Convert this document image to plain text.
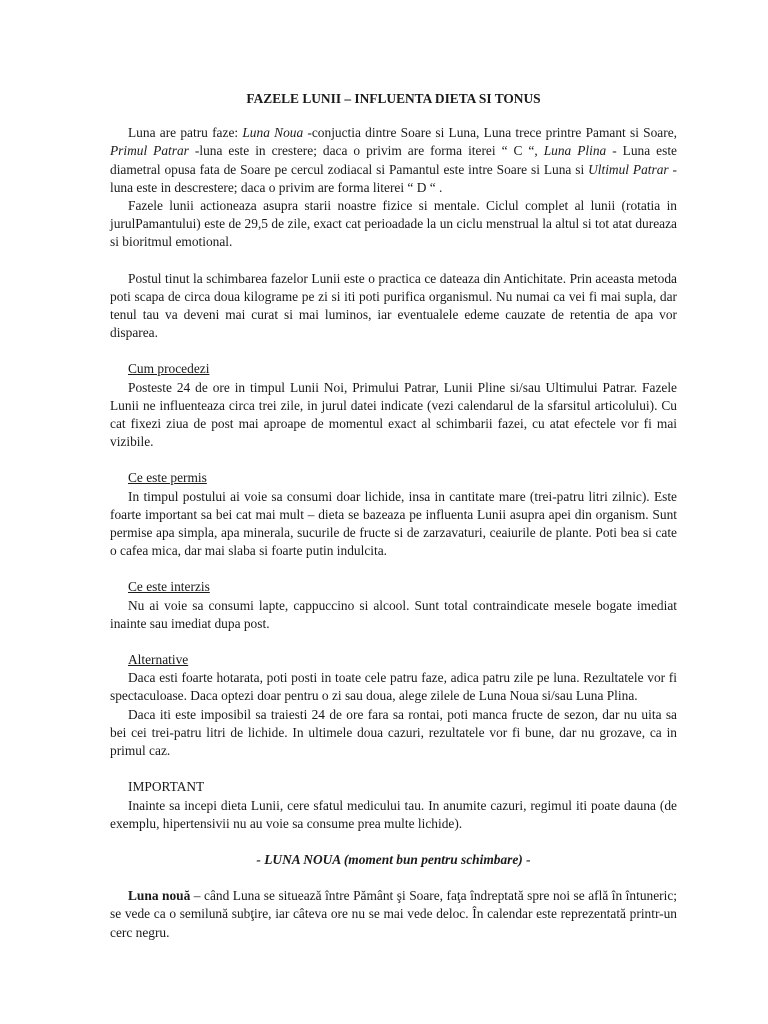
FAZELE LUNII – INFLUENTA DIETA SI TONUS

Luna are patru faze: Luna Noua -conjuctia dintre Soare si Luna, Luna trece printre Pamant si Soare, Primul Patrar -luna este in crestere; daca o privim are forma iterei “ C “, Luna Plina - Luna este diametral opusa fata de Soare pe cercul zodiacal si Pamantul este intre Soare si Luna si Ultimul Patrar -luna este in descrestere; daca o privim are forma literei “ D “ .

Fazele lunii actioneaza asupra starii noastre fizice si mentale. Ciclul complet al lunii (rotatia in jurulPamantului) este de 29,5 de zile, exact cat perioadade la un ciclu menstrual la altul si tot atat dureaza si bioritmul emotional.

Postul tinut la schimbarea fazelor Lunii este o practica ce dateaza din Antichitate. Prin aceasta metoda poti scapa de circa doua kilograme pe zi si iti poti purifica organismul. Nu numai ca vei fi mai supla, dar tenul tau va deveni mai curat si mai luminos, iar eventualele edeme cauzate de retentia de apa vor disparea.

Cum procedezi

Posteste 24 de ore in timpul Lunii Noi, Primului Patrar, Lunii Pline si/sau Ultimului Patrar. Fazele Lunii ne influenteaza circa trei zile, in jurul datei indicate (vezi calendarul de la sfarsitul articolului). Cu cat fixezi ziua de post mai aproape de momentul exact al schimbarii fazei, cu atat efectele vor fi mai vizibile.

Ce este permis

In timpul postului ai voie sa consumi doar lichide, insa in cantitate mare (trei-patru litri zilnic). Este foarte important sa bei cat mai mult – dieta se bazeaza pe influenta Lunii asupra apei din organism. Sunt permise apa simpla, apa minerala, sucurile de fructe si de zarzavaturi, ceaiurile de plante. Poti bea si cate o cafea mica, dar mai slaba si foarte putin indulcita.

Ce este interzis

Nu ai voie sa consumi lapte, cappuccino si alcool. Sunt total contraindicate mesele bogate imediat inainte sau imediat dupa post.

Alternative

Daca esti foarte hotarata, poti posti in toate cele patru faze, adica patru zile pe luna. Rezultatele vor fi spectaculoase. Daca optezi doar pentru o zi sau doua, alege zilele de Luna Noua si/sau Luna Plina.

Daca iti este imposibil sa traiesti 24 de ore fara sa rontai, poti manca fructe de sezon, dar nu uita sa bei cei trei-patru litri de lichide. In ultimele doua cazuri, rezultatele vor fi bune, dar nu grozave, ca in primul caz.

IMPORTANT

Inainte sa incepi dieta Lunii, cere sfatul medicului tau. In anumite cazuri, regimul iti poate dauna (de exemplu, hipertensivii nu au voie sa consume prea multe lichide).

- LUNA NOUA (moment bun pentru schimbare) -

Luna nouă – când Luna se situează între Pământ şi Soare, faţa îndreptată spre noi se află în întuneric; se vede ca o semilună subţire, iar câteva ore nu se mai vede deloc. În calendar este reprezentată printr-un cerc negru.
